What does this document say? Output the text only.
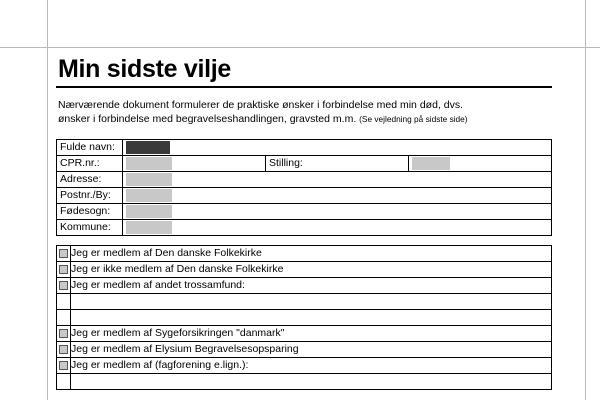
Min sidste vilje
Nærværende dokument formulerer de praktiske ønsker i forbindelse med min død, dvs.
ønsker i forbindelse med begravelseshandlingen, gravsted m.m. (Se vejledning på sidste side)
Fulde navn:			

CPR.nr.:		Stilling:	

Adresse:			

Postnr./By:			

Fødesogn:			

Kommune:			
	Jeg er medlem af Den danske Folkekirke
	Jeg er ikke medlem af Den danske Folkekirke
	Jeg er medlem af andet trossamfund:

	Jeg er medlem af Sygeforsikringen "danmark"
	Jeg er medlem af Elysium Begravelsesopsparing
	Jeg er medlem af (fagforening e.lign.):
